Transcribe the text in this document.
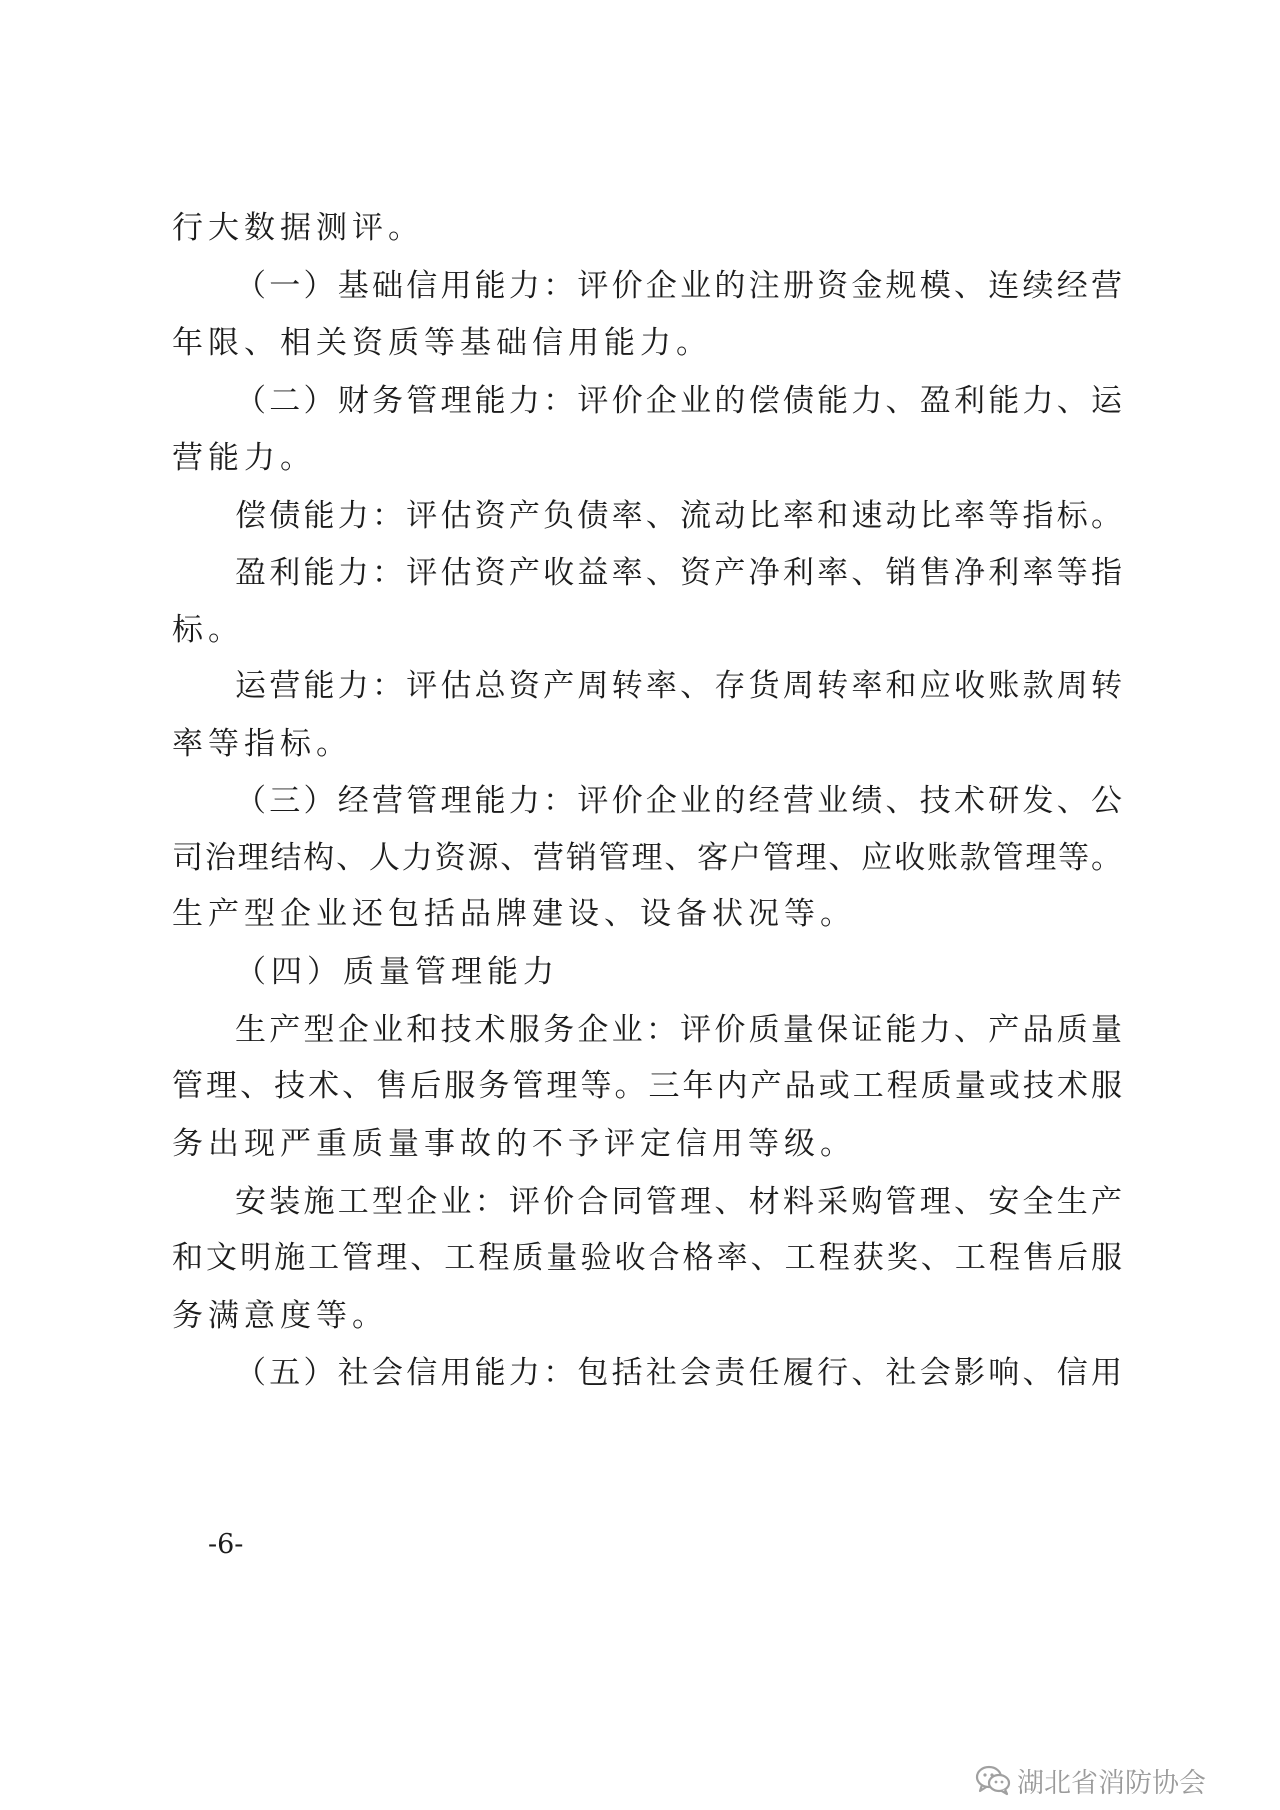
行大数据测评。
（一）基础信用能力：评价企业的注册资金规模、连续经营
年限、相关资质等基础信用能力。
（二）财务管理能力：评价企业的偿债能力、盈利能力、运
营能力。
偿债能力：评估资产负债率、流动比率和速动比率等指标。
盈利能力：评估资产收益率、资产净利率、销售净利率等指
标。
运营能力：评估总资产周转率、存货周转率和应收账款周转
率等指标。
（三）经营管理能力：评价企业的经营业绩、技术研发、公
司治理结构、人力资源、营销管理、客户管理、应收账款管理等。
生产型企业还包括品牌建设、设备状况等。
（四）质量管理能力
生产型企业和技术服务企业：评价质量保证能力、产品质量
管理、技术、售后服务管理等。三年内产品或工程质量或技术服
务出现严重质量事故的不予评定信用等级。
安装施工型企业：评价合同管理、材料采购管理、安全生产
和文明施工管理、工程质量验收合格率、工程获奖、工程售后服
务满意度等。
（五）社会信用能力：包括社会责任履行、社会影响、信用
-6-
湖北省消防协会
